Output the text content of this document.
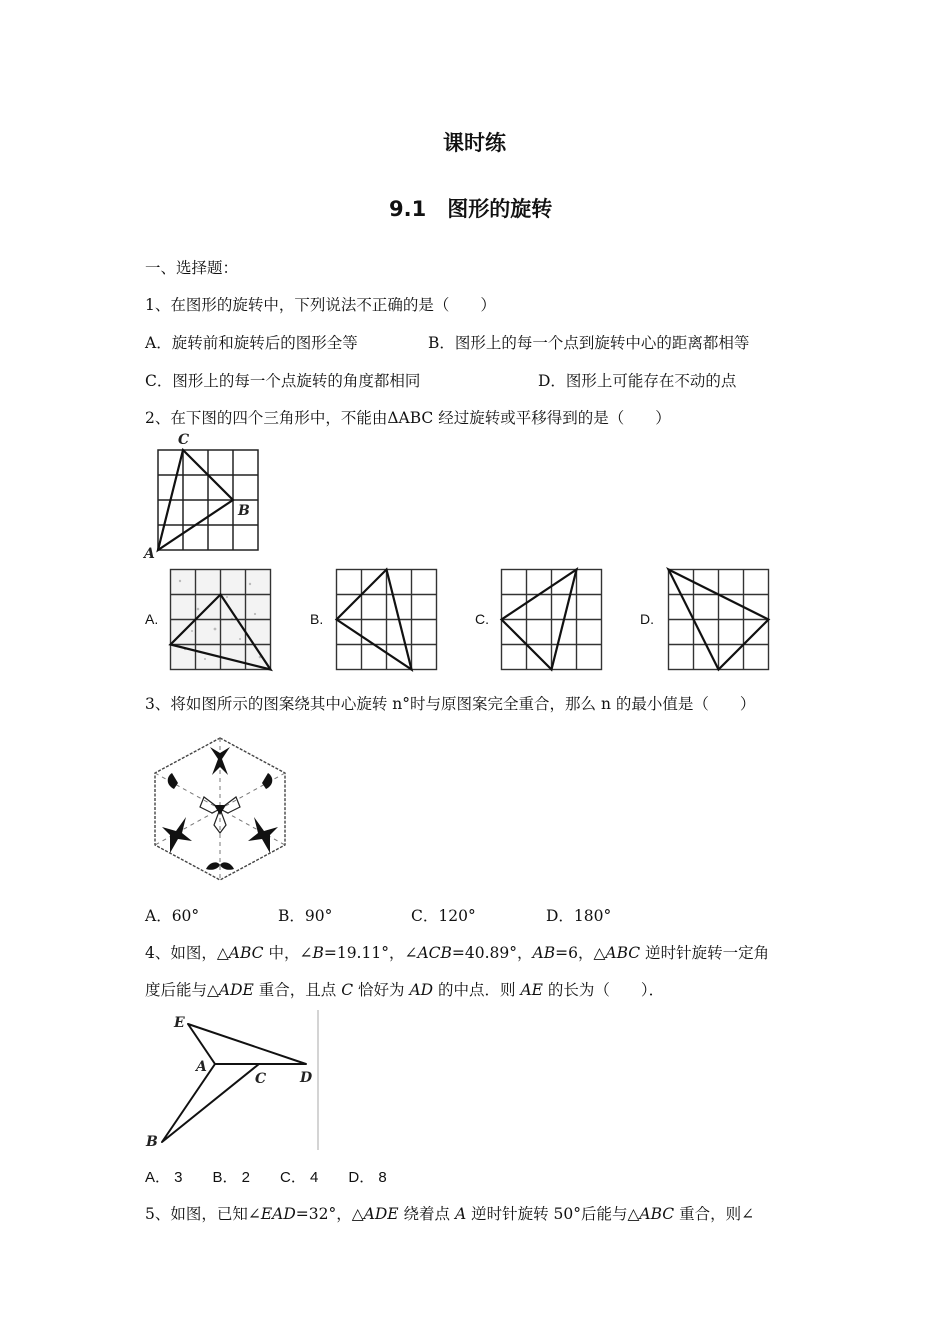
课时练
9.1　图形的旋转
一、选择题：
1、在图形的旋转中，下列说法不正确的是（　　）
A．旋转前和旋转后的图形全等	B．图形上的每一个点到旋转中心的距离都相等
C．图形上的每一个点旋转的角度都相同	D．图形上可能存在不动的点
2、在下图的四个三角形中，不能由ΔABC 经过旋转或平移得到的是（　　）
C
B
A
A.	B.	C.	D.
3、将如图所示的图案绕其中心旋转 n°时与原图案完全重合，那么 n 的最小值是（　　）
A．60°	B．90°	C．120°	D．180°
4、如图，△ABC 中，∠B=19.11°，∠ACB=40.89°，AB=6，△ABC 逆时针旋转一定角
度后能与△ADE 重合，且点 C 恰好为 AD 的中点．则 AE 的长为（　　）．
E
A
C D
B
A． 3　　B． 2　　C． 4　　D． 8
5、如图，已知∠EAD=32°，△ADE 绕着点 A 逆时针旋转 50°后能与△ABC 重合，则∠
